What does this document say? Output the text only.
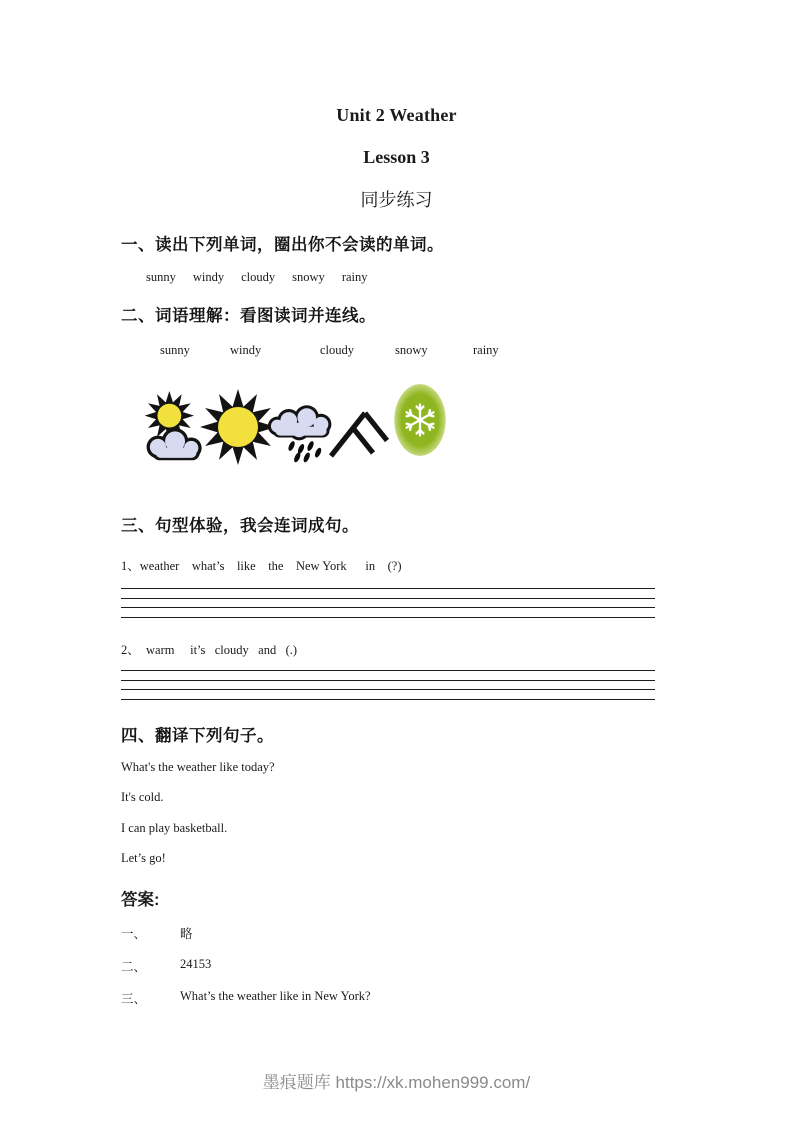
Unit 2 Weather
Lesson 3
同步练习
一、读出下列单词，圈出你不会读的单词。
sunny windy cloudy snowy rainy
二、词语理解：看图读词并连线。
sunny	windy	cloudy	snowy	rainy
三、句型体验，我会连词成句。
1、weather    what’s    like    the    New York      in    (?)
2、  warm     it’s   cloudy   and   (.)
四、翻译下列句子。
What's the weather like today?
It's cold.
I can play basketball.
Let’s go!
答案:
一、	略
二、	24153
三、	What’s the weather like in New York?
墨痕题库 https://xk.mohen999.com/
